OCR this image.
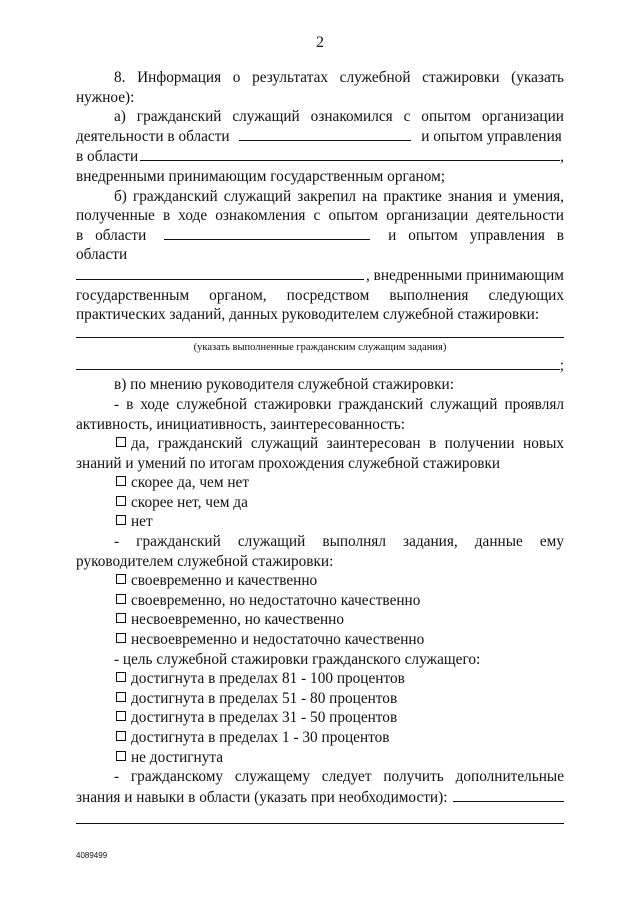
2

8. Информация о результатах служебной стажировки (указать нужное):

а) гражданский служащий ознакомился с опытом организации

деятельности в области	и опытом управления

в области	,

внедренными принимающим государственным органом;

б) гражданский служащий закрепил на практике знания и умения,

полученные в ходе ознакомления с опытом организации деятельности

в области	и опытом управления в области

, внедренными принимающим

государственным органом, посредством выполнения следующих

практических заданий, данных руководителем служебной стажировки:

(указать выполненные гражданским служащим задания)
;

в) по мнению руководителя служебной стажировки:

- в ходе служебной стажировки гражданский служащий проявлял

активность, инициативность, заинтересованность:

да, гражданский служащий заинтересован в получении новых

знаний и умений по итогам прохождения служебной стажировки

скорее да, чем нет

скорее нет, чем да

нет

- гражданский служащий выполнял задания, данные ему

руководителем служебной стажировки:

своевременно и качественно

своевременно, но недостаточно качественно

несвоевременно, но качественно

несвоевременно и недостаточно качественно

- цель служебной стажировки гражданского служащего:

достигнута в пределах 81 - 100 процентов

достигнута в пределах 51 - 80 процентов

достигнута в пределах 31 - 50 процентов

достигнута в пределах 1 - 30 процентов

не достигнута

- гражданскому служащему следует получить дополнительные

знания и навыки в области (указать при необходимости):
4089499
